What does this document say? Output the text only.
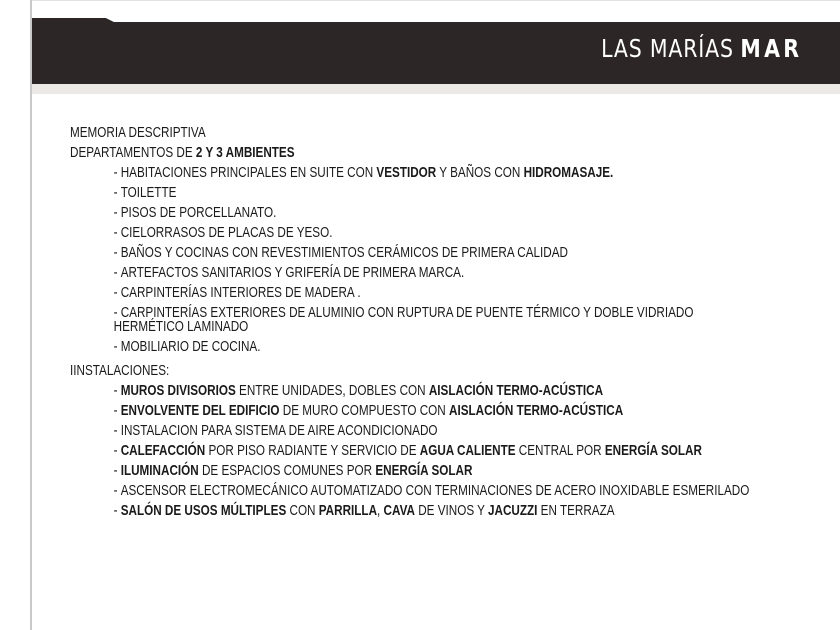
LAS MARÍAS MAR

MEMORIA DESCRIPTIVA

DEPARTAMENTOS DE 2 Y 3 AMBIENTES

- HABITACIONES PRINCIPALES EN SUITE CON VESTIDOR Y BAÑOS CON HIDROMASAJE.
- TOILETTE
- PISOS DE PORCELLANATO.
- CIELORRASOS DE PLACAS DE YESO.
- BAÑOS Y COCINAS CON REVESTIMIENTOS CERÁMICOS DE PRIMERA CALIDAD
- ARTEFACTOS SANITARIOS Y GRIFERÍA DE PRIMERA MARCA.
- CARPINTERÍAS INTERIORES DE MADERA .
- CARPINTERÍAS EXTERIORES DE ALUMINIO CON RUPTURA DE PUENTE TÉRMICO Y DOBLE VIDRIADO HERMÉTICO LAMINADO
- MOBILIARIO DE COCINA.

IINSTALACIONES:

- MUROS DIVISORIOS ENTRE UNIDADES, DOBLES CON AISLACIÓN TERMO-ACÚSTICA
- ENVOLVENTE DEL EDIFICIO DE MURO COMPUESTO CON AISLACIÓN TERMO-ACÚSTICA
- INSTALACION PARA SISTEMA DE AIRE ACONDICIONADO
- CALEFACCIÓN POR PISO RADIANTE Y SERVICIO DE AGUA CALIENTE CENTRAL POR ENERGÍA SOLAR
- ILUMINACIÓN DE ESPACIOS COMUNES POR ENERGÍA SOLAR
- ASCENSOR ELECTROMECÁNICO AUTOMATIZADO CON TERMINACIONES DE ACERO INOXIDABLE ESMERILADO
- SALÓN DE USOS MÚLTIPLES CON PARRILLA, CAVA DE VINOS Y JACUZZI EN TERRAZA
